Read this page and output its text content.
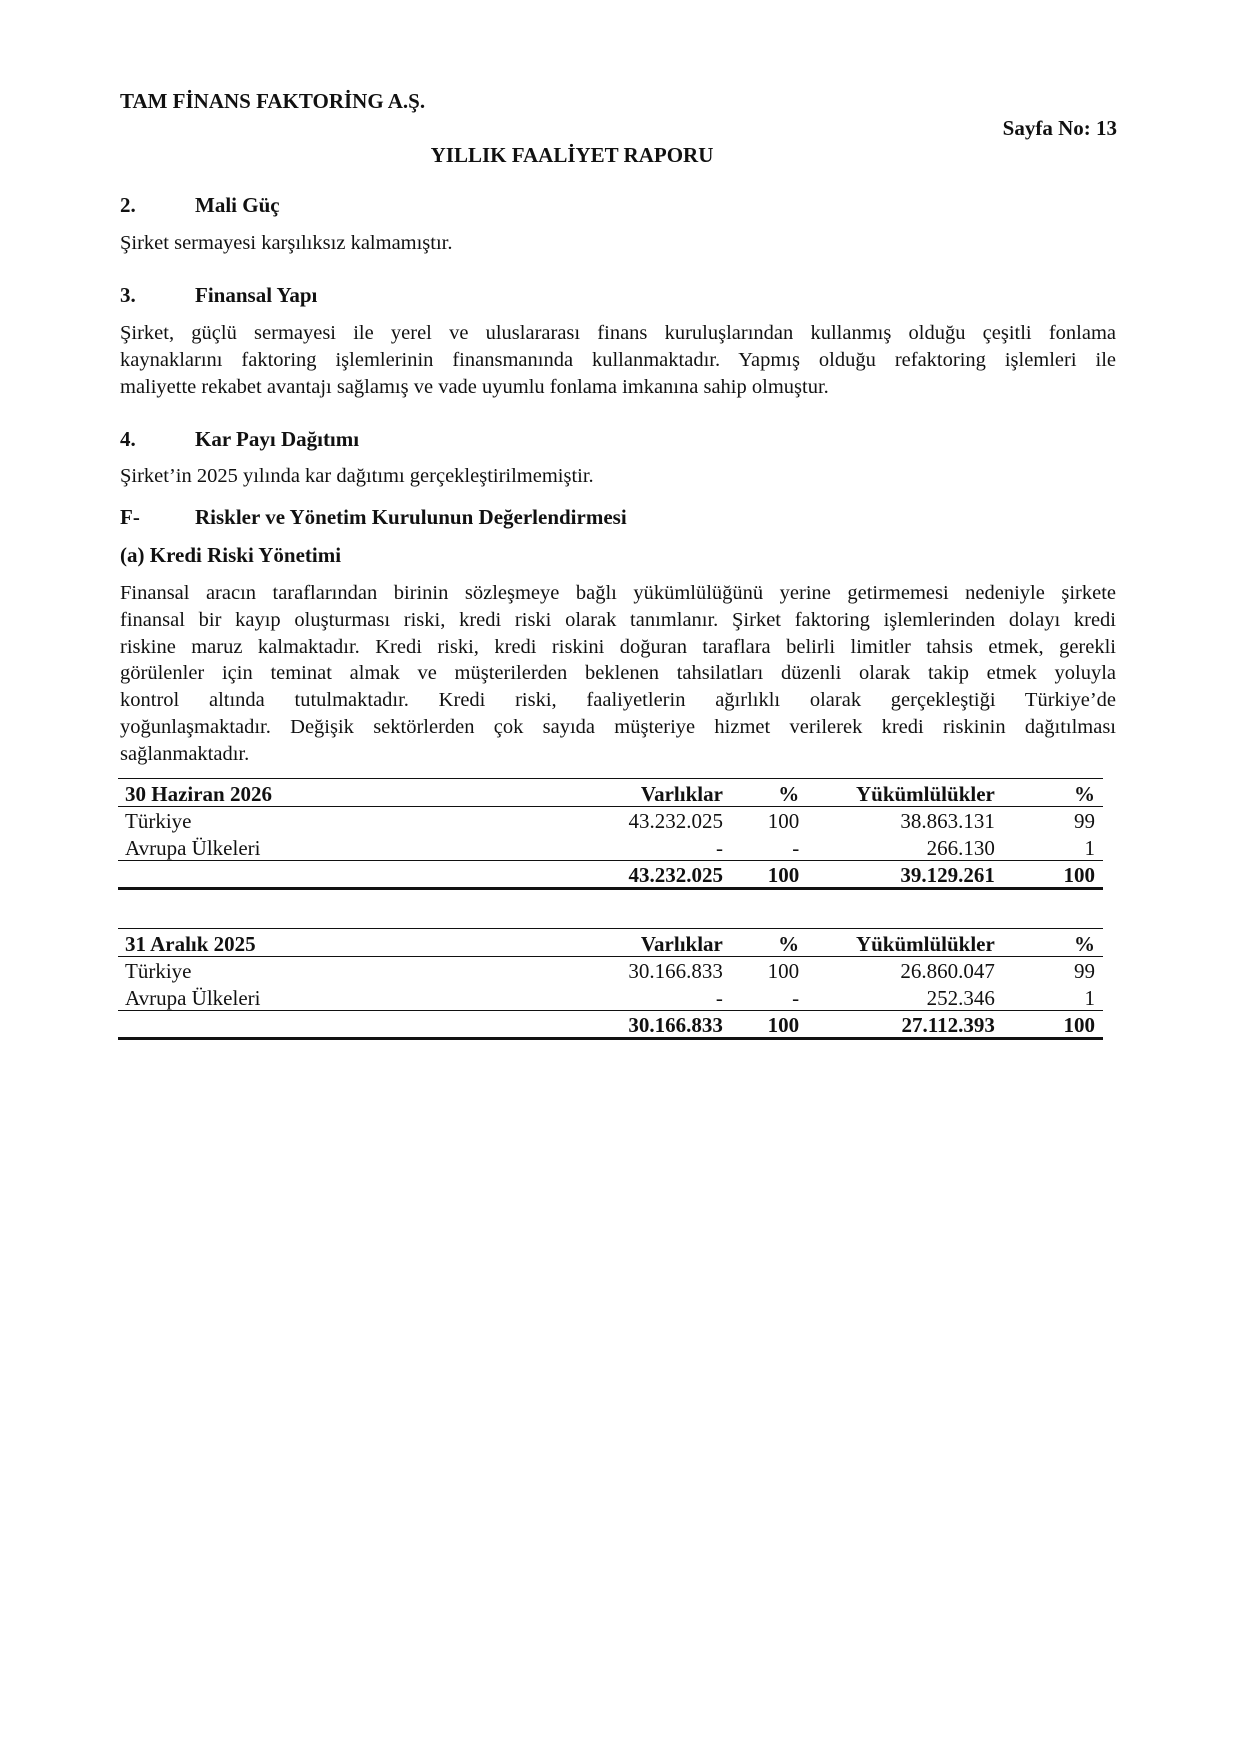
TAM FİNANS FAKTORİNG A.Ş.
Sayfa No: 13
YILLIK FAALİYET RAPORU
2.	Mali Güç
Şirket sermayesi karşılıksız kalmamıştır.
3.	Finansal Yapı
Şirket, güçlü sermayesi ile yerel ve uluslararası finans kuruluşlarından kullanmış olduğu çeşitli fonlama
kaynaklarını faktoring işlemlerinin finansmanında kullanmaktadır. Yapmış olduğu refaktoring işlemleri ile
maliyette rekabet avantajı sağlamış ve vade uyumlu fonlama imkanına sahip olmuştur.
4.	Kar Payı Dağıtımı
Şirket’in 2025 yılında kar dağıtımı gerçekleştirilmemiştir.
F-	Riskler ve Yönetim Kurulunun Değerlendirmesi
(a) Kredi Riski Yönetimi
Finansal aracın taraflarından birinin sözleşmeye bağlı yükümlülüğünü yerine getirmemesi nedeniyle şirkete
finansal bir kayıp oluşturması riski, kredi riski olarak tanımlanır. Şirket faktoring işlemlerinden dolayı kredi
riskine maruz kalmaktadır. Kredi riski, kredi riskini doğuran taraflara belirli limitler tahsis etmek, gerekli
görülenler için teminat almak ve müşterilerden beklenen tahsilatları düzenli olarak takip etmek yoluyla
kontrol altında tutulmaktadır. Kredi riski, faaliyetlerin ağırlıklı olarak gerçekleştiği Türkiye’de
yoğunlaşmaktadır. Değişik sektörlerden çok sayıda müşteriye hizmet verilerek kredi riskinin dağıtılması
sağlanmaktadır.
30 Haziran 2026	Varlıklar	%	Yükümlülükler	%
Türkiye	43.232.025	100	38.863.131	99
Avrupa Ülkeleri	-	-	266.130	1
	43.232.025	100	39.129.261	100
31 Aralık 2025	Varlıklar	%	Yükümlülükler	%
Türkiye	30.166.833	100	26.860.047	99
Avrupa Ülkeleri	-	-	252.346	1
	30.166.833	100	27.112.393	100
